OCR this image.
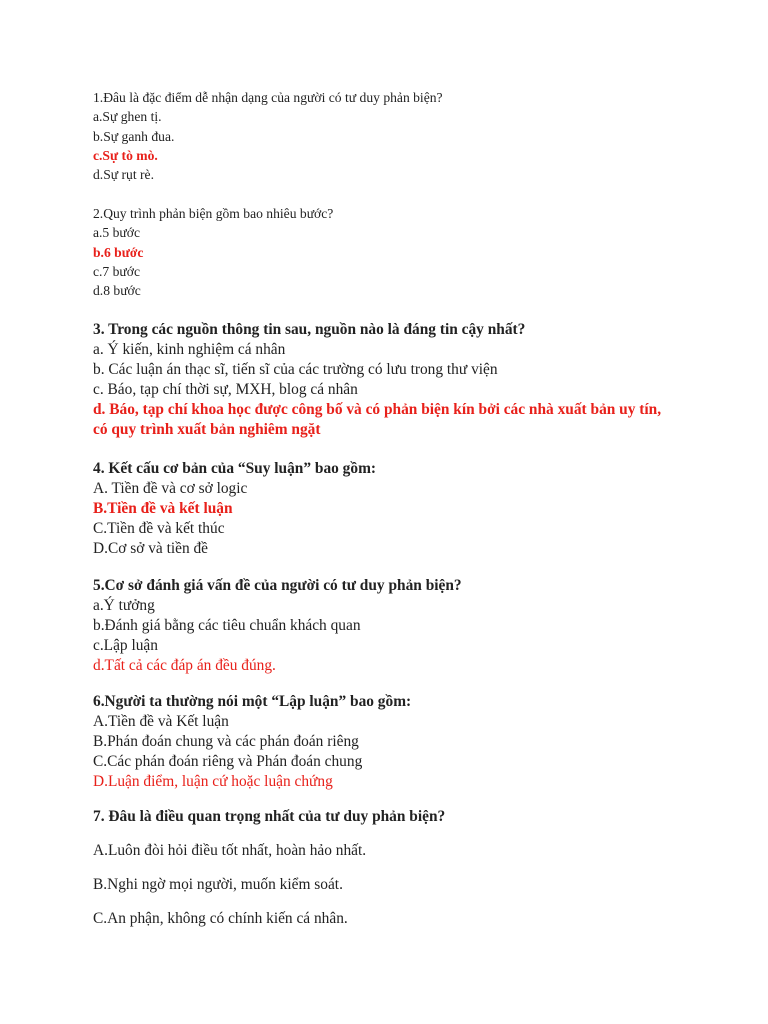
1.Đâu là đặc điểm dễ nhận dạng của người có tư duy phản biện?
a.Sự ghen tị.
b.Sự ganh đua.
c.Sự tò mò.
d.Sự rụt rè.
2.Quy trình phản biện gồm bao nhiêu bước?
a.5 bước
b.6 bước
c.7 bước
d.8 bước
3. Trong các nguồn thông tin sau, nguồn nào là đáng tin cậy nhất?
a. Ý kiến, kinh nghiệm cá nhân
b. Các luận án thạc sĩ, tiến sĩ của các trường có lưu trong thư viện
c. Báo, tạp chí thời sự, MXH, blog cá nhân
d. Báo, tạp chí khoa học được công bố và có phản biện kín bởi các nhà xuất bản uy tín, có quy trình xuất bản nghiêm ngặt
4. Kết cấu cơ bản của “Suy luận” bao gồm:
A. Tiền đề và cơ sở logic
B.Tiền đề và kết luận
C.Tiền đề và kết thúc
D.Cơ sở và tiền đề
5.Cơ sở đánh giá vấn đề của người có tư duy phản biện?
a.Ý tưởng
b.Đánh giá bằng các tiêu chuẩn khách quan
c.Lập luận
d.Tất cả các đáp án đều đúng.
6.Người ta thường nói một “Lập luận” bao gồm:
A.Tiền đề và Kết luận
B.Phán đoán chung và các phán đoán riêng
C.Các phán đoán riêng và Phán đoán chung
D.Luận điểm, luận cứ hoặc luận chứng
7. Đâu là điều quan trọng nhất của tư duy phản biện?
A.Luôn đòi hỏi điều tốt nhất, hoàn hảo nhất.
B.Nghi ngờ mọi người, muốn kiểm soát.
C.An phận, không có chính kiến cá nhân.
